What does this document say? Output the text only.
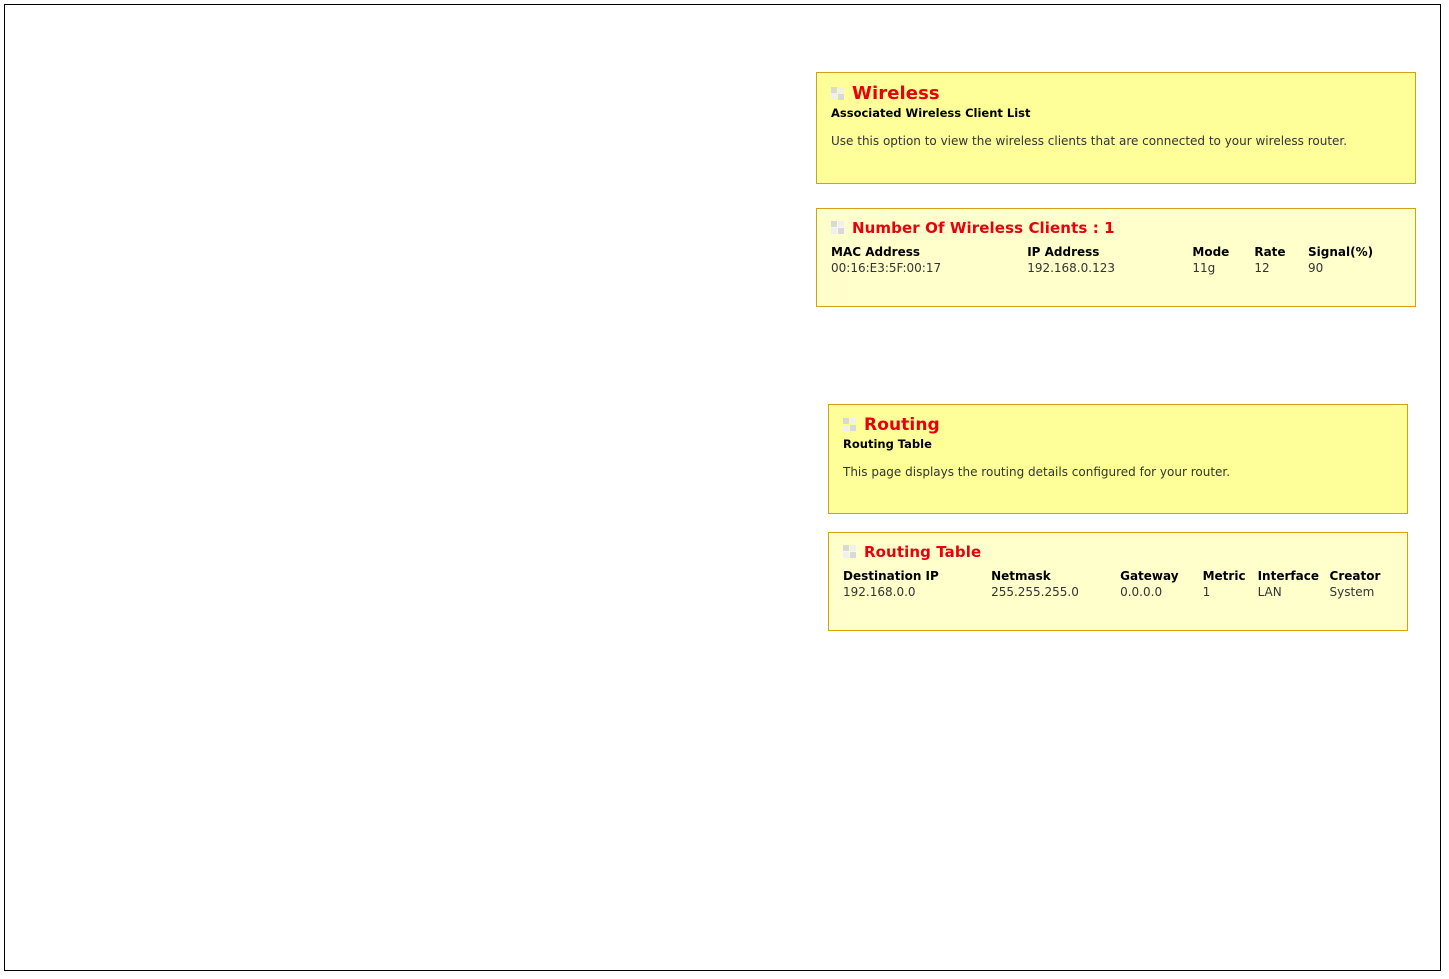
Wireless
Associated Wireless Client List
Use this option to view the wireless clients that are connected to your wireless router.
Number Of Wireless Clients : 1
MAC Address	IP Address	Mode	Rate	Signal(%)
00:16:E3:5F:00:17	192.168.0.123	11g	12	90
Routing
Routing Table
This page displays the routing details configured for your router.
Routing Table
Destination IP	Netmask	Gateway	Metric	Interface	Creator
192.168.0.0	255.255.255.0	0.0.0.0	1	LAN	System
